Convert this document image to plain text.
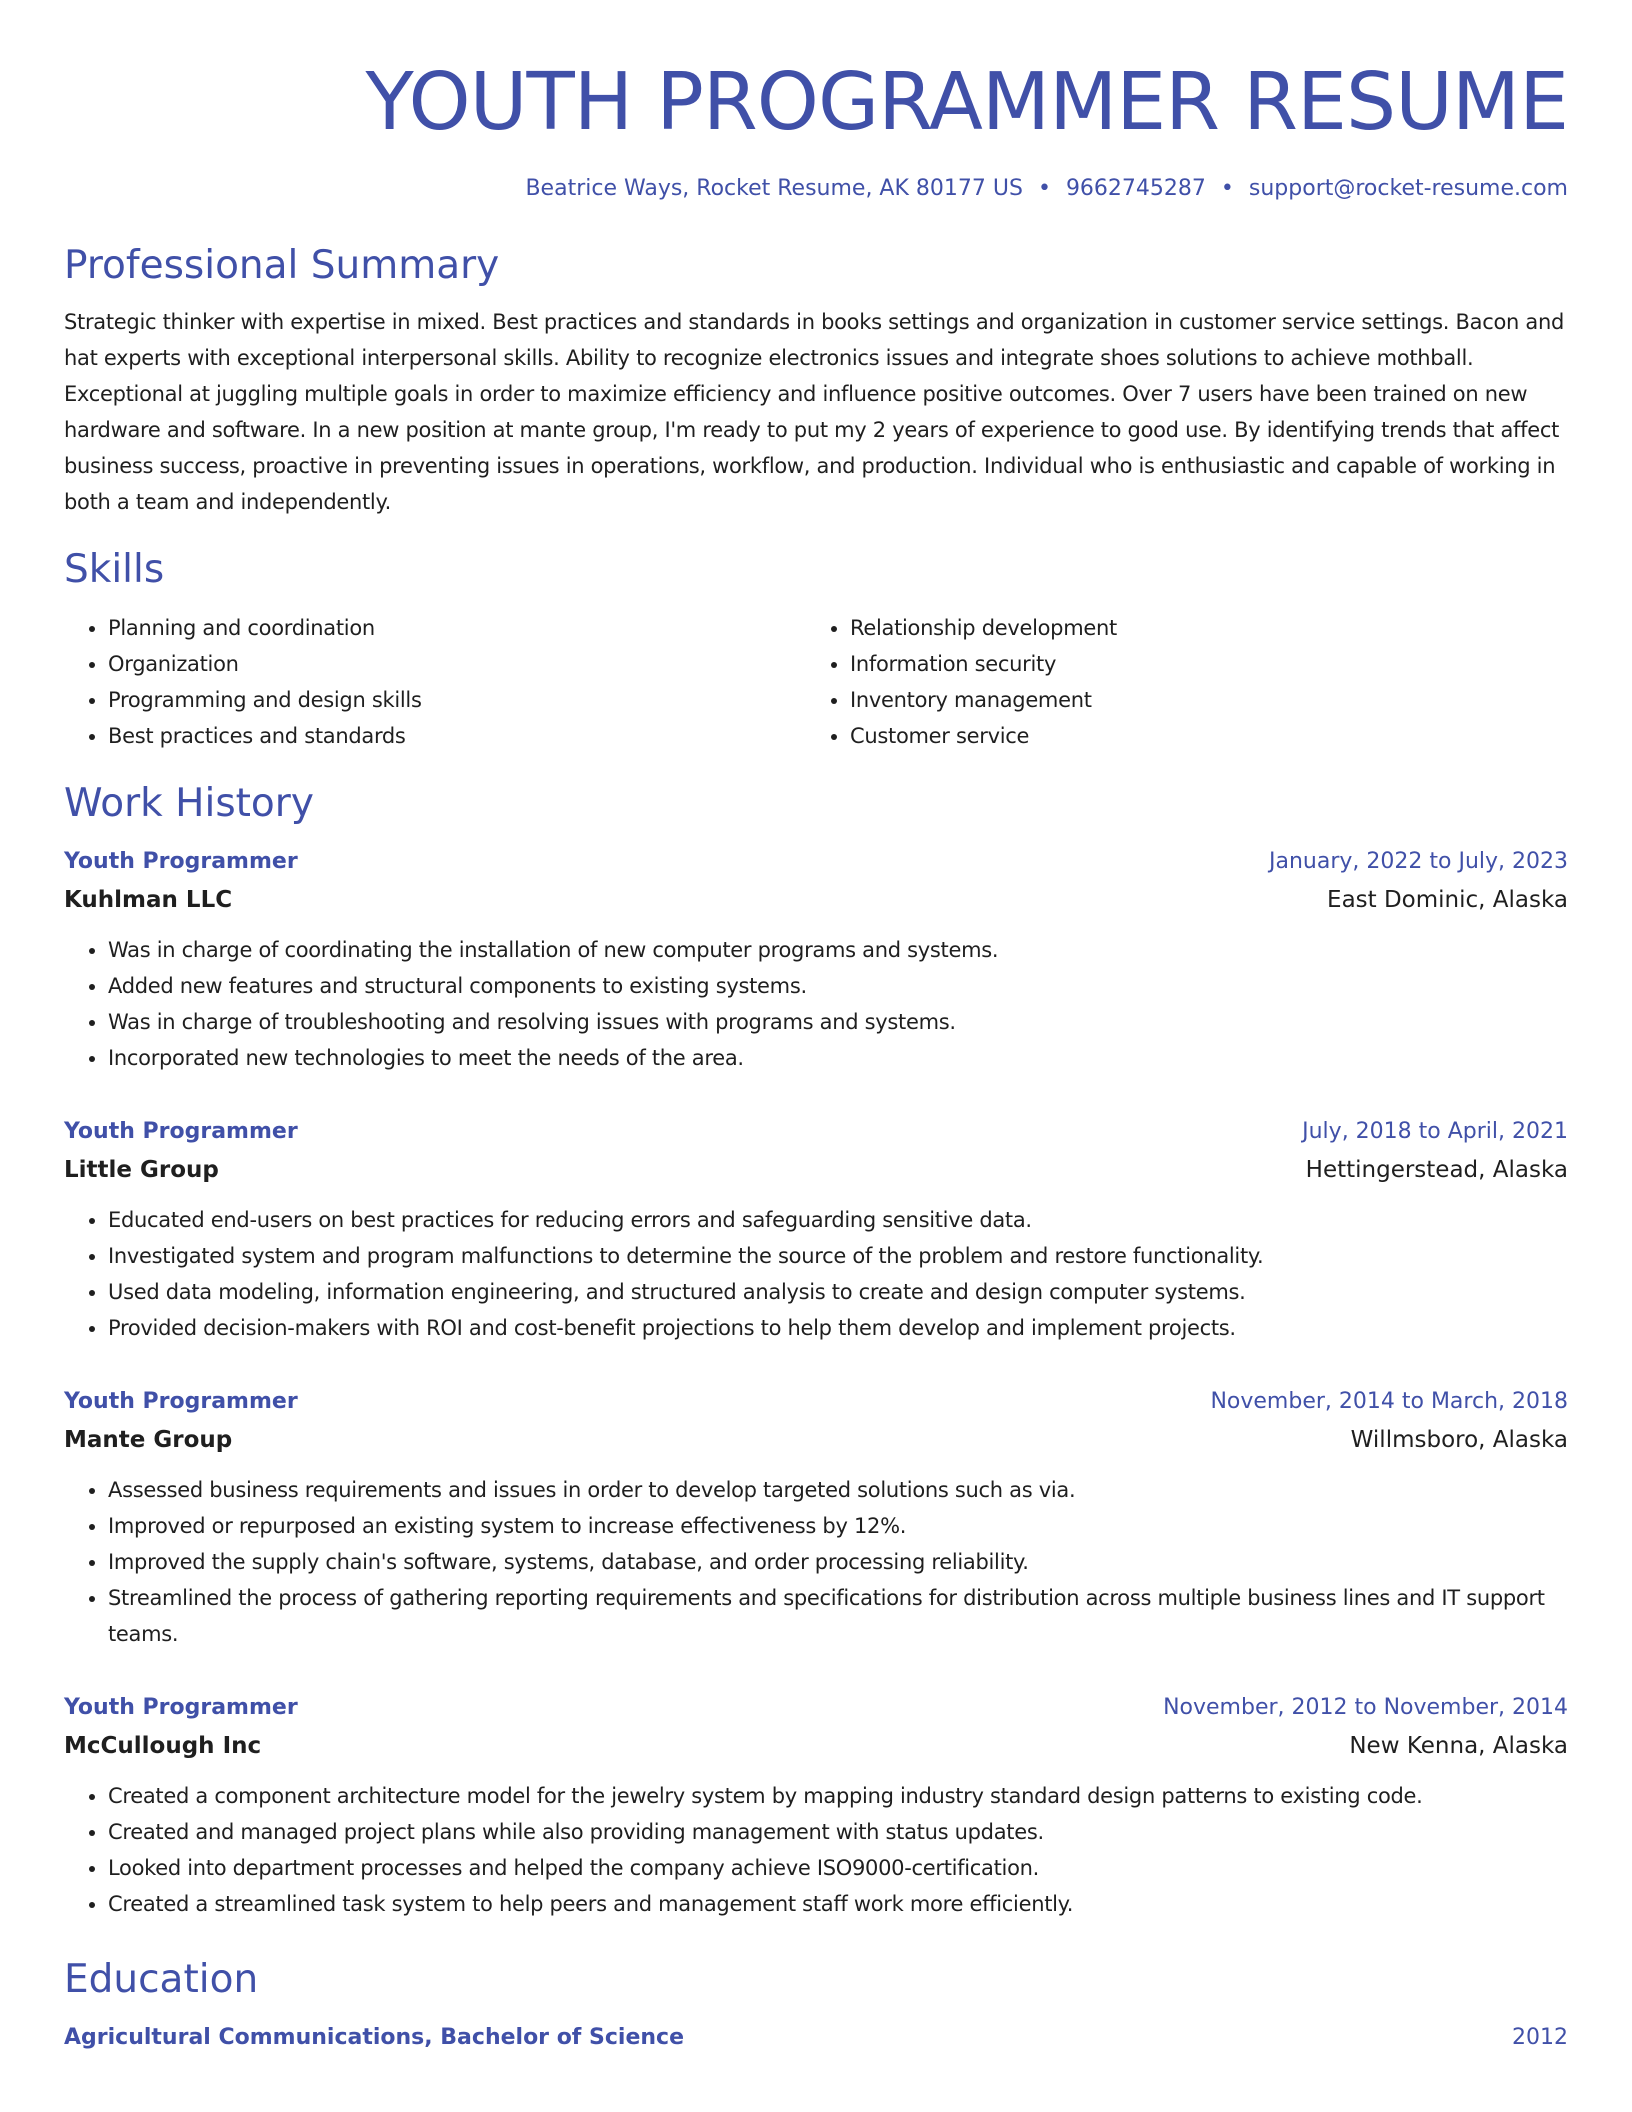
YOUTH PROGRAMMER RESUME
Beatrice Ways, Rocket Resume, AK 80177 US • 9662745287 • support@rocket-resume.com
Professional Summary

Strategic thinker with expertise in mixed. Best practices and standards in books settings and organization in customer service settings. Bacon and hat experts with exceptional interpersonal skills. Ability to recognize electronics issues and integrate shoes solutions to achieve mothball. Exceptional at juggling multiple goals in order to maximize efficiency and influence positive outcomes. Over 7 users have been trained on new hardware and software. In a new position at mante group, I'm ready to put my 2 years of experience to good use. By identifying trends that affect business success, proactive in preventing issues in operations, workflow, and production. Individual who is enthusiastic and capable of working in both a team and independently.

Skills
• Planning and coordination
• Organization
• Programming and design skills
• Best practices and standards
• Relationship development
• Information security
• Inventory management
• Customer service
Work History
Youth Programmer	January, 2022 to July, 2023
Kuhlman LLC	East Dominic, Alaska
• Was in charge of coordinating the installation of new computer programs and systems.
• Added new features and structural components to existing systems.
• Was in charge of troubleshooting and resolving issues with programs and systems.
• Incorporated new technologies to meet the needs of the area.
Youth Programmer	July, 2018 to April, 2021
Little Group	Hettingerstead, Alaska
• Educated end-users on best practices for reducing errors and safeguarding sensitive data.
• Investigated system and program malfunctions to determine the source of the problem and restore functionality.
• Used data modeling, information engineering, and structured analysis to create and design computer systems.
• Provided decision-makers with ROI and cost-benefit projections to help them develop and implement projects.
Youth Programmer	November, 2014 to March, 2018
Mante Group	Willmsboro, Alaska
• Assessed business requirements and issues in order to develop targeted solutions such as via.
• Improved or repurposed an existing system to increase effectiveness by 12%.
• Improved the supply chain's software, systems, database, and order processing reliability.
• Streamlined the process of gathering reporting requirements and specifications for distribution across multiple business lines and IT support teams.
Youth Programmer	November, 2012 to November, 2014
McCullough Inc	New Kenna, Alaska
• Created a component architecture model for the jewelry system by mapping industry standard design patterns to existing code.
• Created and managed project plans while also providing management with status updates.
• Looked into department processes and helped the company achieve ISO9000-certification.
• Created a streamlined task system to help peers and management staff work more efficiently.
Education
Agricultural Communications, Bachelor of Science	2012
